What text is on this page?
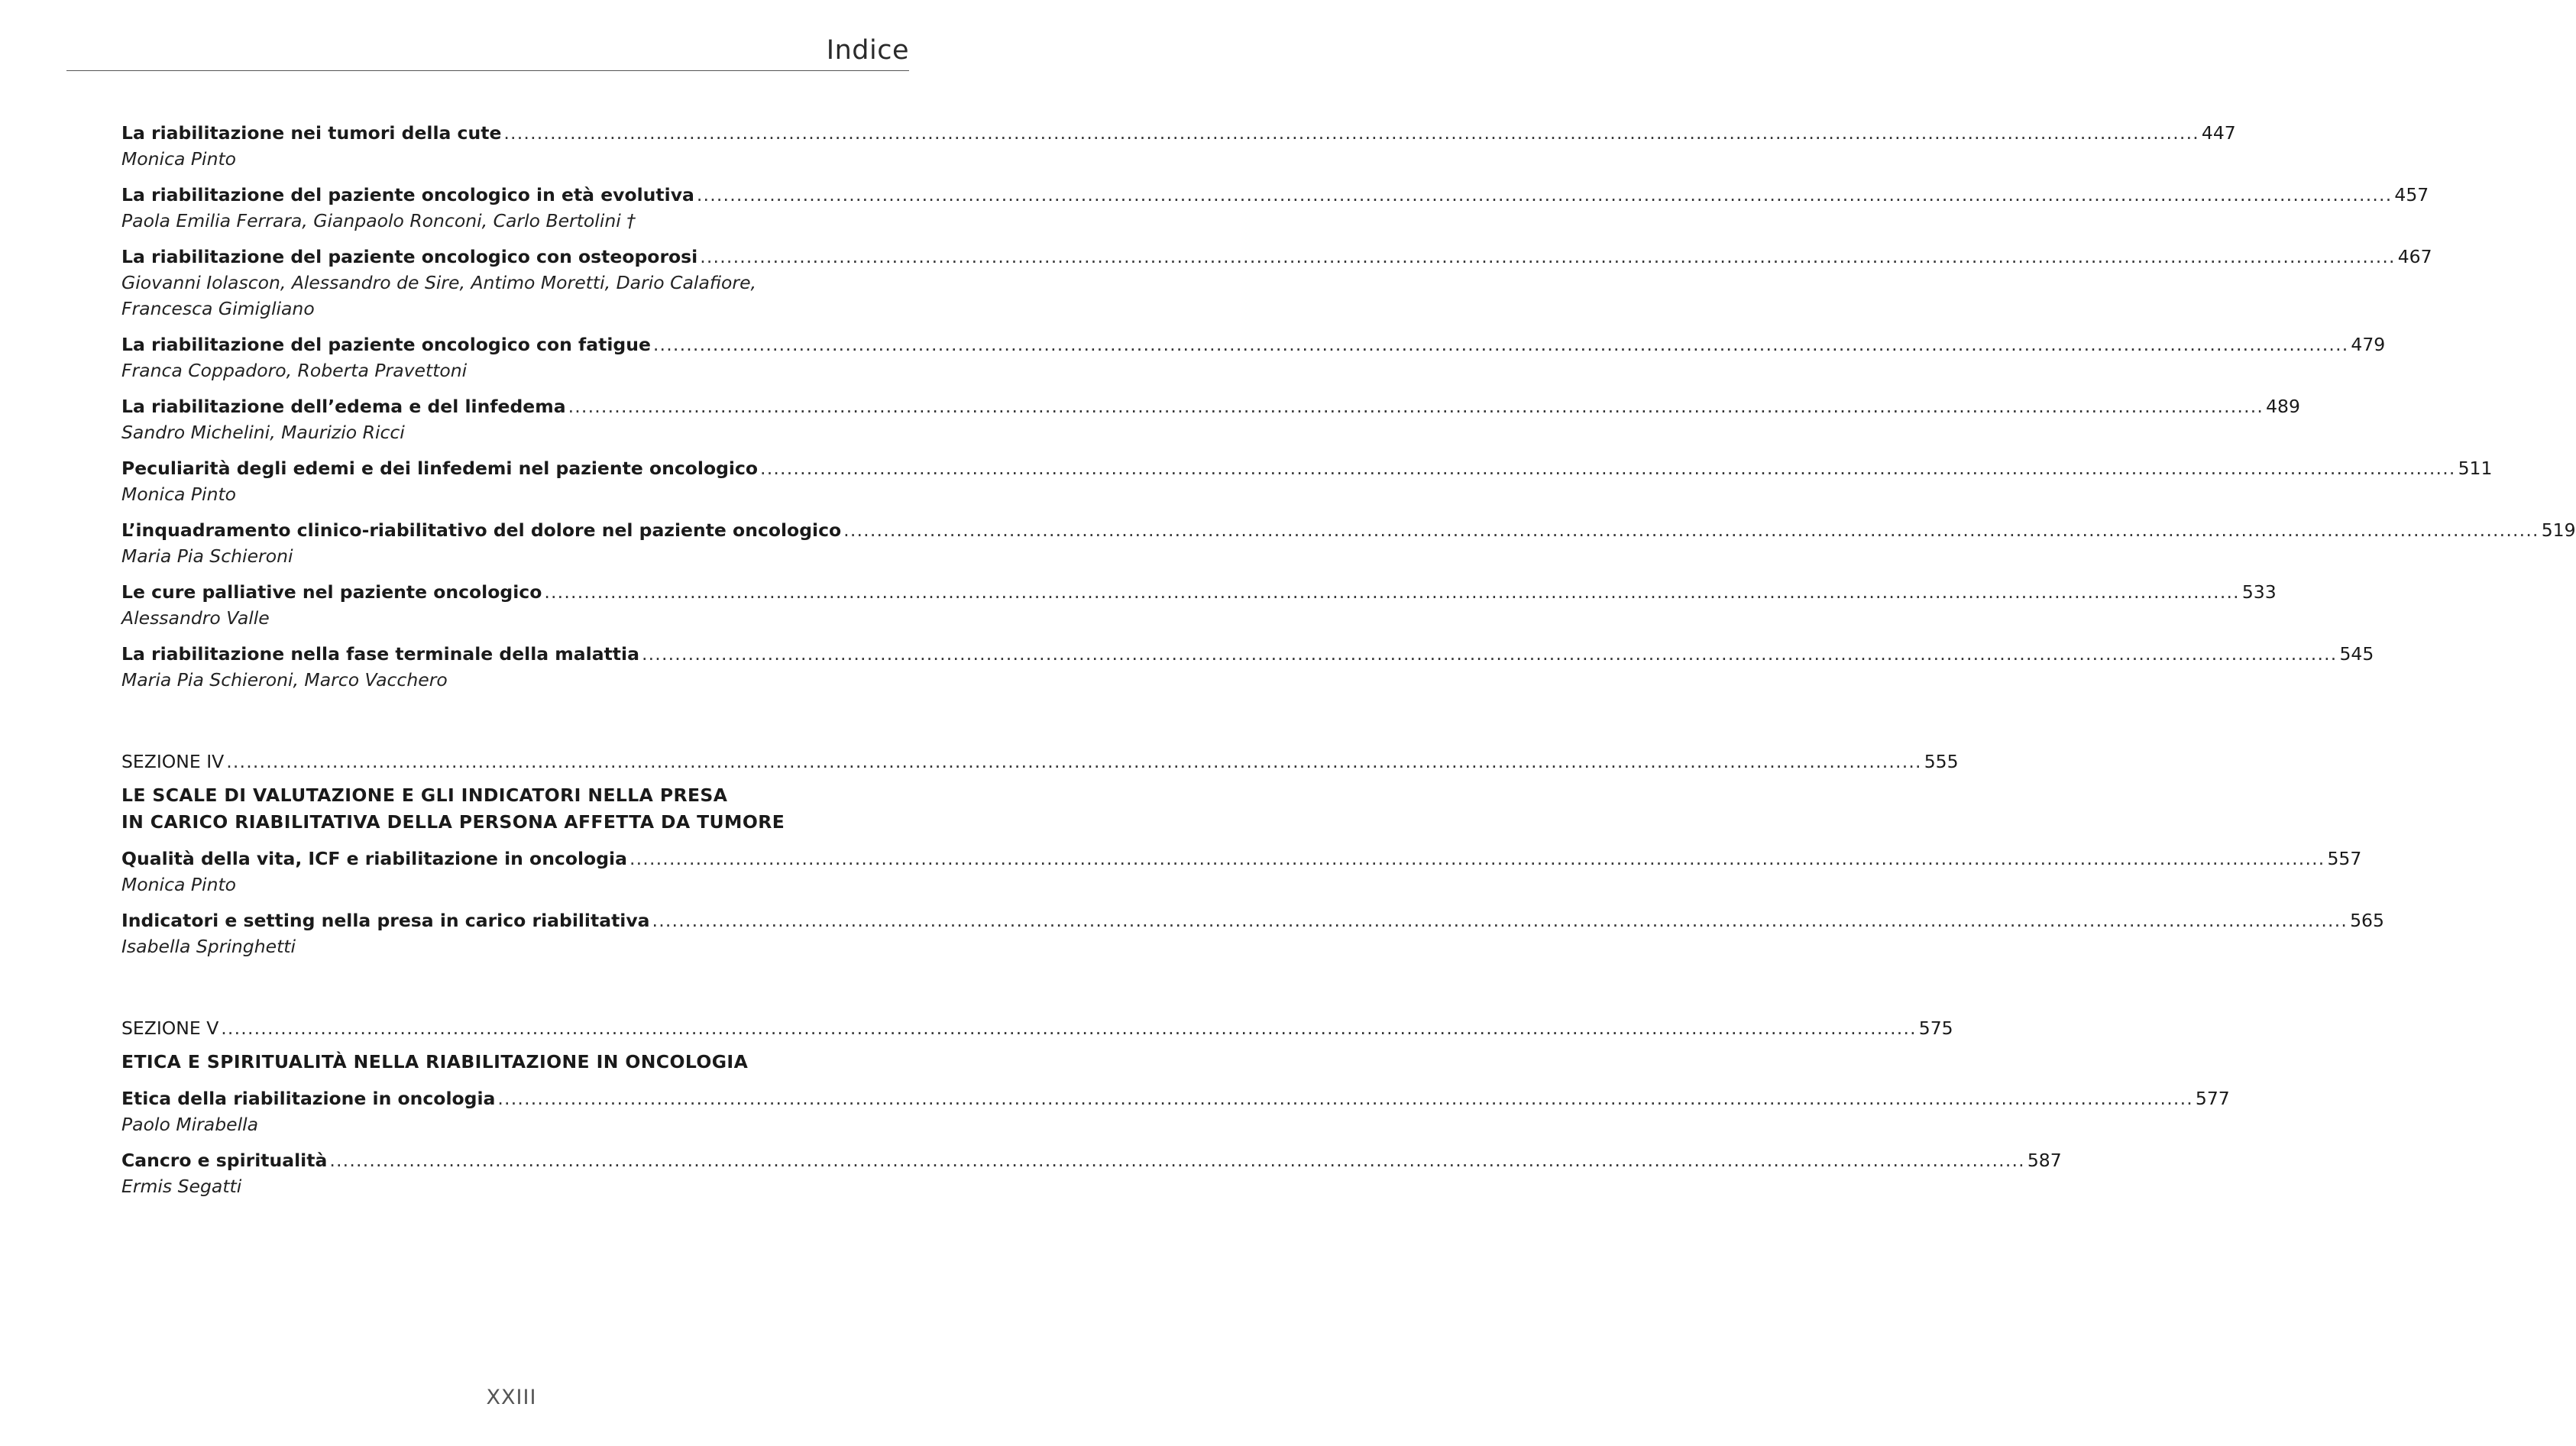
Indice
La riabilitazione nei tumori della cute ................................................................................................................................................................................................................................................................ 447
Monica Pinto
La riabilitazione del paziente oncologico in età evolutiva ................................................................................................................................................................................................................................................................ 457
Paola Emilia Ferrara, Gianpaolo Ronconi, Carlo Bertolini †
La riabilitazione del paziente oncologico con osteoporosi ................................................................................................................................................................................................................................................................ 467
Giovanni Iolascon, Alessandro de Sire, Antimo Moretti, Dario Calafiore,
Francesca Gimigliano
La riabilitazione del paziente oncologico con fatigue ................................................................................................................................................................................................................................................................ 479
Franca Coppadoro, Roberta Pravettoni
La riabilitazione dell’edema e del linfedema ................................................................................................................................................................................................................................................................ 489
Sandro Michelini, Maurizio Ricci
Peculiarità degli edemi e dei linfedemi nel paziente oncologico ................................................................................................................................................................................................................................................................ 511
Monica Pinto
L’inquadramento clinico-riabilitativo del dolore nel paziente oncologico ................................................................................................................................................................................................................................................................ 519
Maria Pia Schieroni
Le cure palliative nel paziente oncologico ................................................................................................................................................................................................................................................................ 533
Alessandro Valle
La riabilitazione nella fase terminale della malattia ................................................................................................................................................................................................................................................................ 545
Maria Pia Schieroni, Marco Vacchero
SEZIONE IV ................................................................................................................................................................................................................................................................ 555
LE SCALE DI VALUTAZIONE E GLI INDICATORI NELLA PRESA
IN CARICO RIABILITATIVA DELLA PERSONA AFFETTA DA TUMORE
Qualità della vita, ICF e riabilitazione in oncologia ................................................................................................................................................................................................................................................................ 557
Monica Pinto
Indicatori e setting nella presa in carico riabilitativa ................................................................................................................................................................................................................................................................ 565
Isabella Springhetti
SEZIONE V ................................................................................................................................................................................................................................................................ 575
ETICA E SPIRITUALITÀ NELLA RIABILITAZIONE IN ONCOLOGIA
Etica della riabilitazione in oncologia ................................................................................................................................................................................................................................................................ 577
Paolo Mirabella
Cancro e spiritualità ................................................................................................................................................................................................................................................................ 587
Ermis Segatti
XXIII
